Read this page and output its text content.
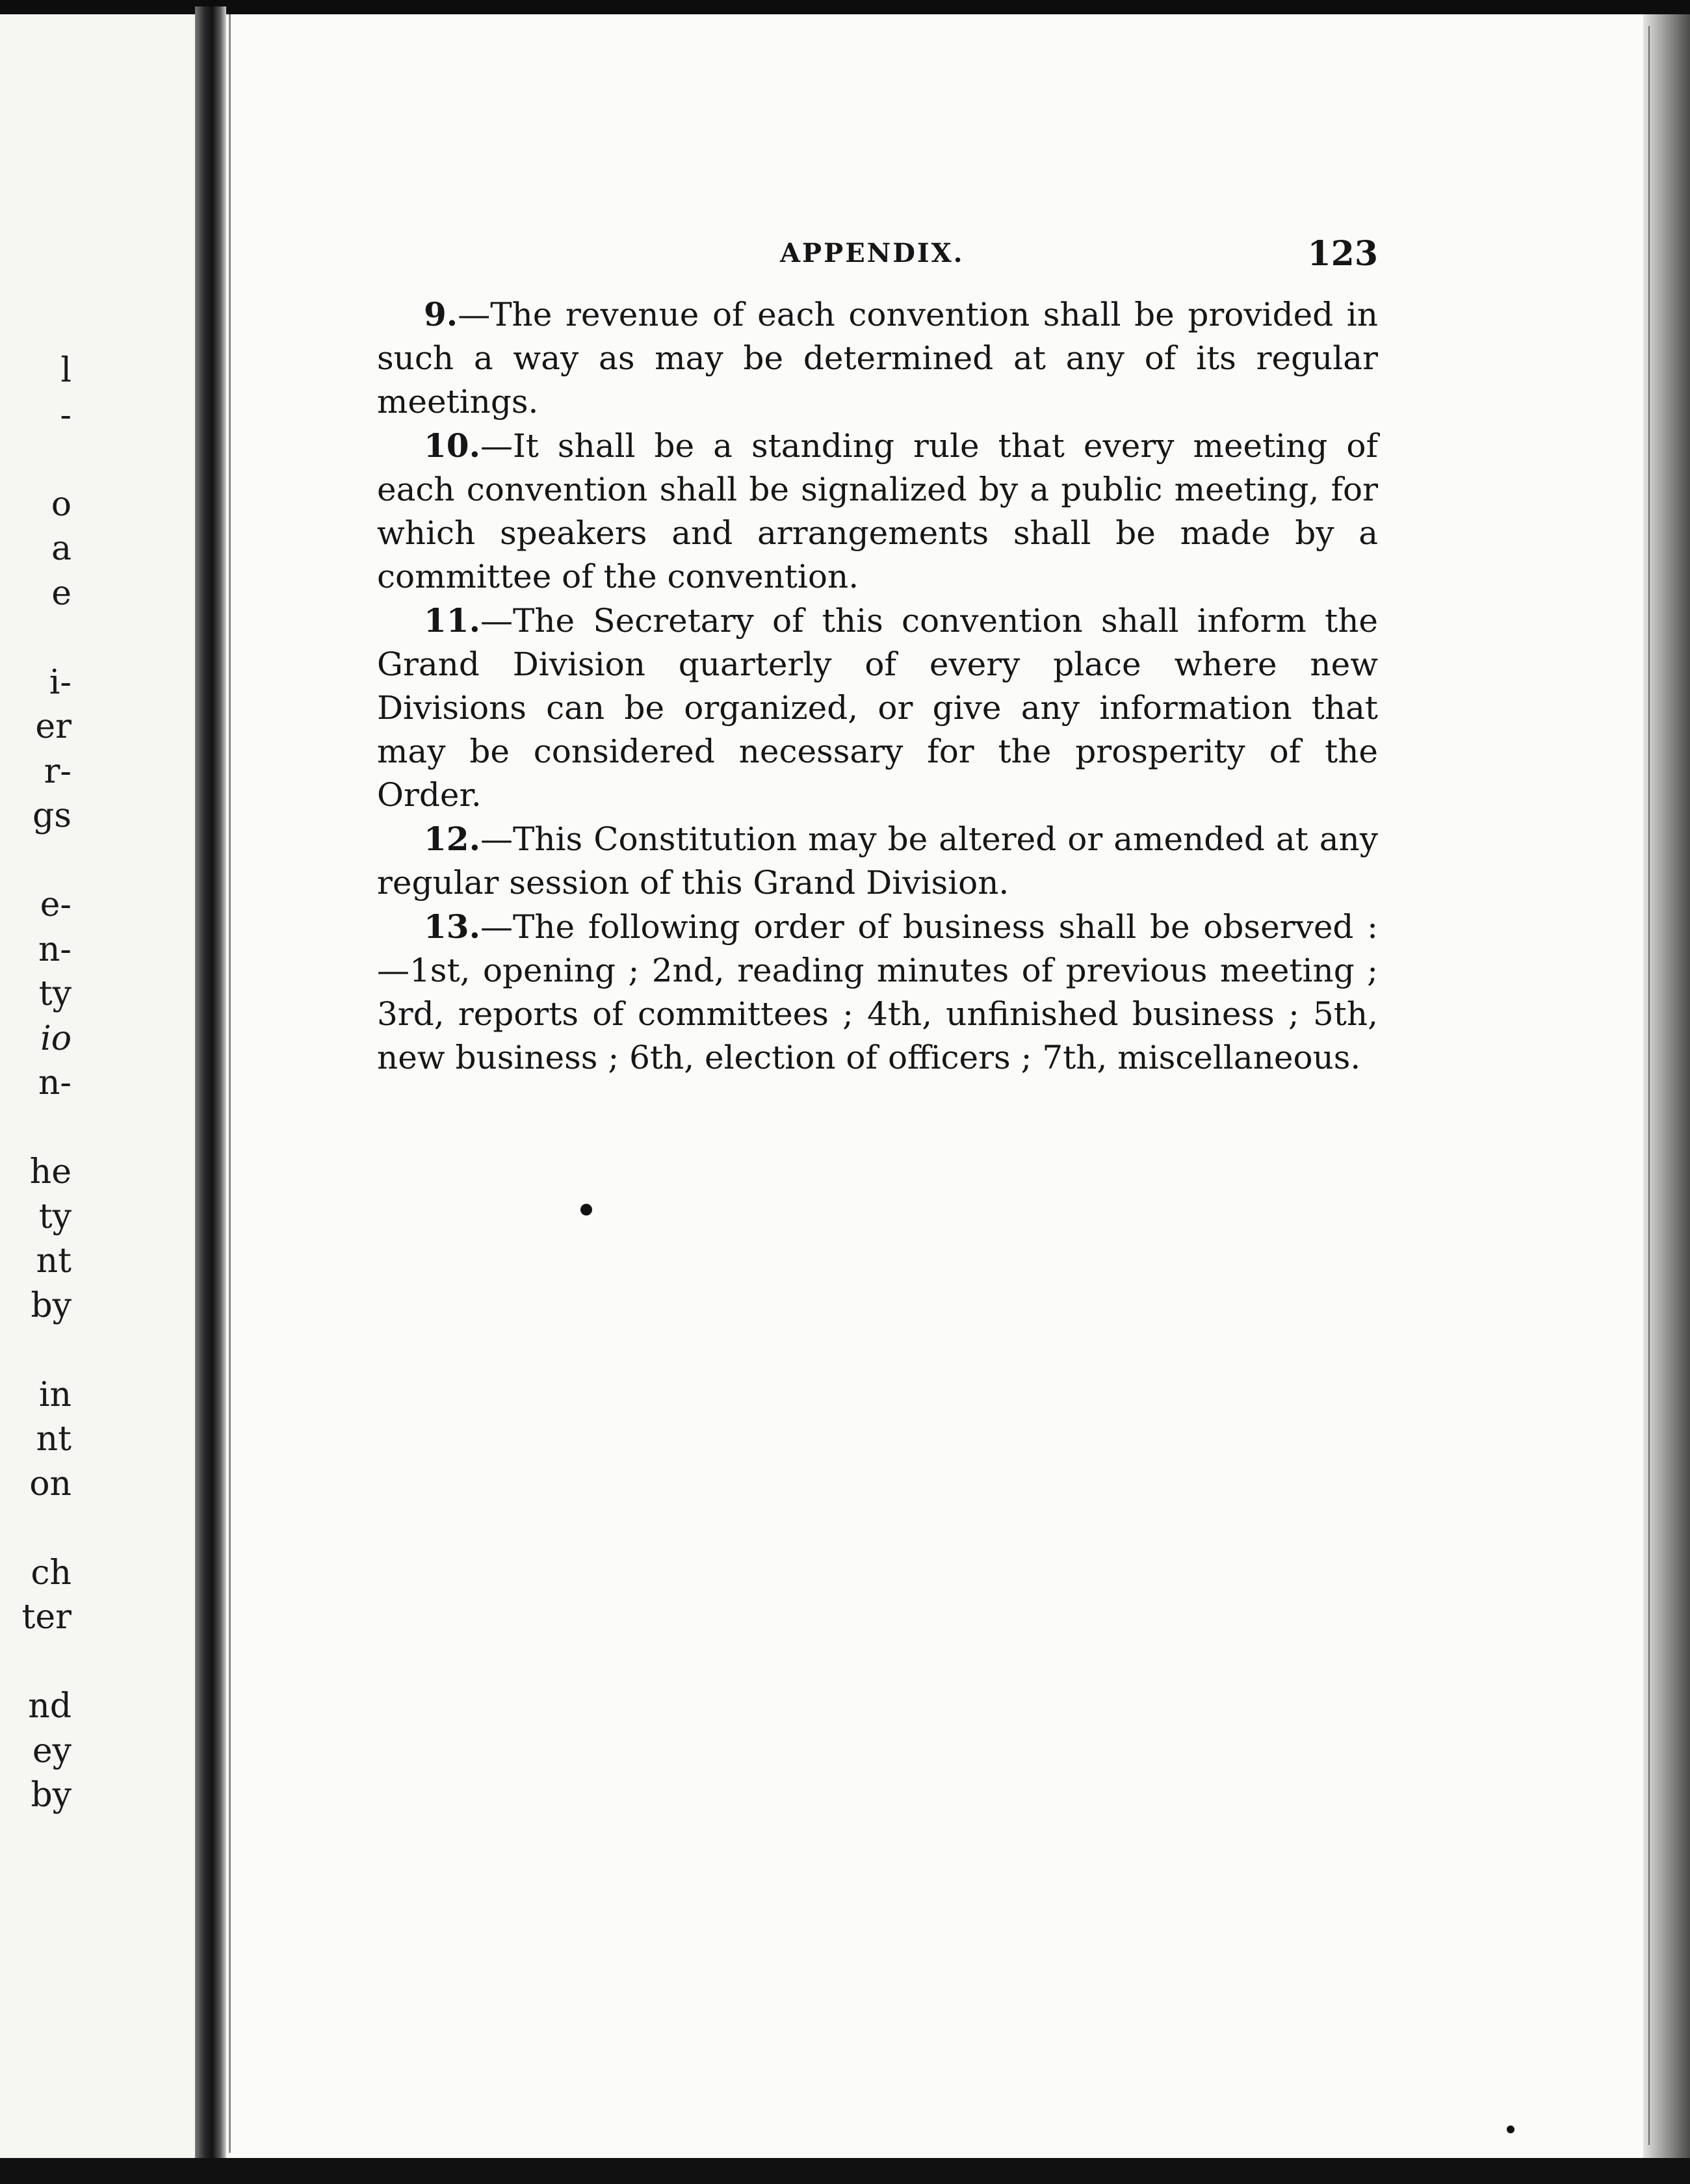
l
-
o
a
e
i-
er
r-
gs
e-
n-
ty
io
n-
he
ty
nt
by
in
nt
on
ch
ter
nd
ey
by
APPENDIX.	123

9.—The revenue of each convention shall be provided in such a way as may be determined at any of its regular meetings.

10.—It shall be a standing rule that every meeting of each convention shall be signalized by a public meeting, for which speakers and arrangements shall be made by a committee of the convention.

11.—The Secretary of this convention shall inform the Grand Division quarterly of every place where new Divisions can be organized, or give any information that may be considered necessary for the prosperity of the Order.

12.—This Constitution may be altered or amended at any regular session of this Grand Division.

13.—The following order of business shall be observed :—1st, opening ; 2nd, reading minutes of previous meeting ; 3rd, reports of committees ; 4th, unfinished business ; 5th, new business ; 6th, election of officers ; 7th, miscellaneous.
